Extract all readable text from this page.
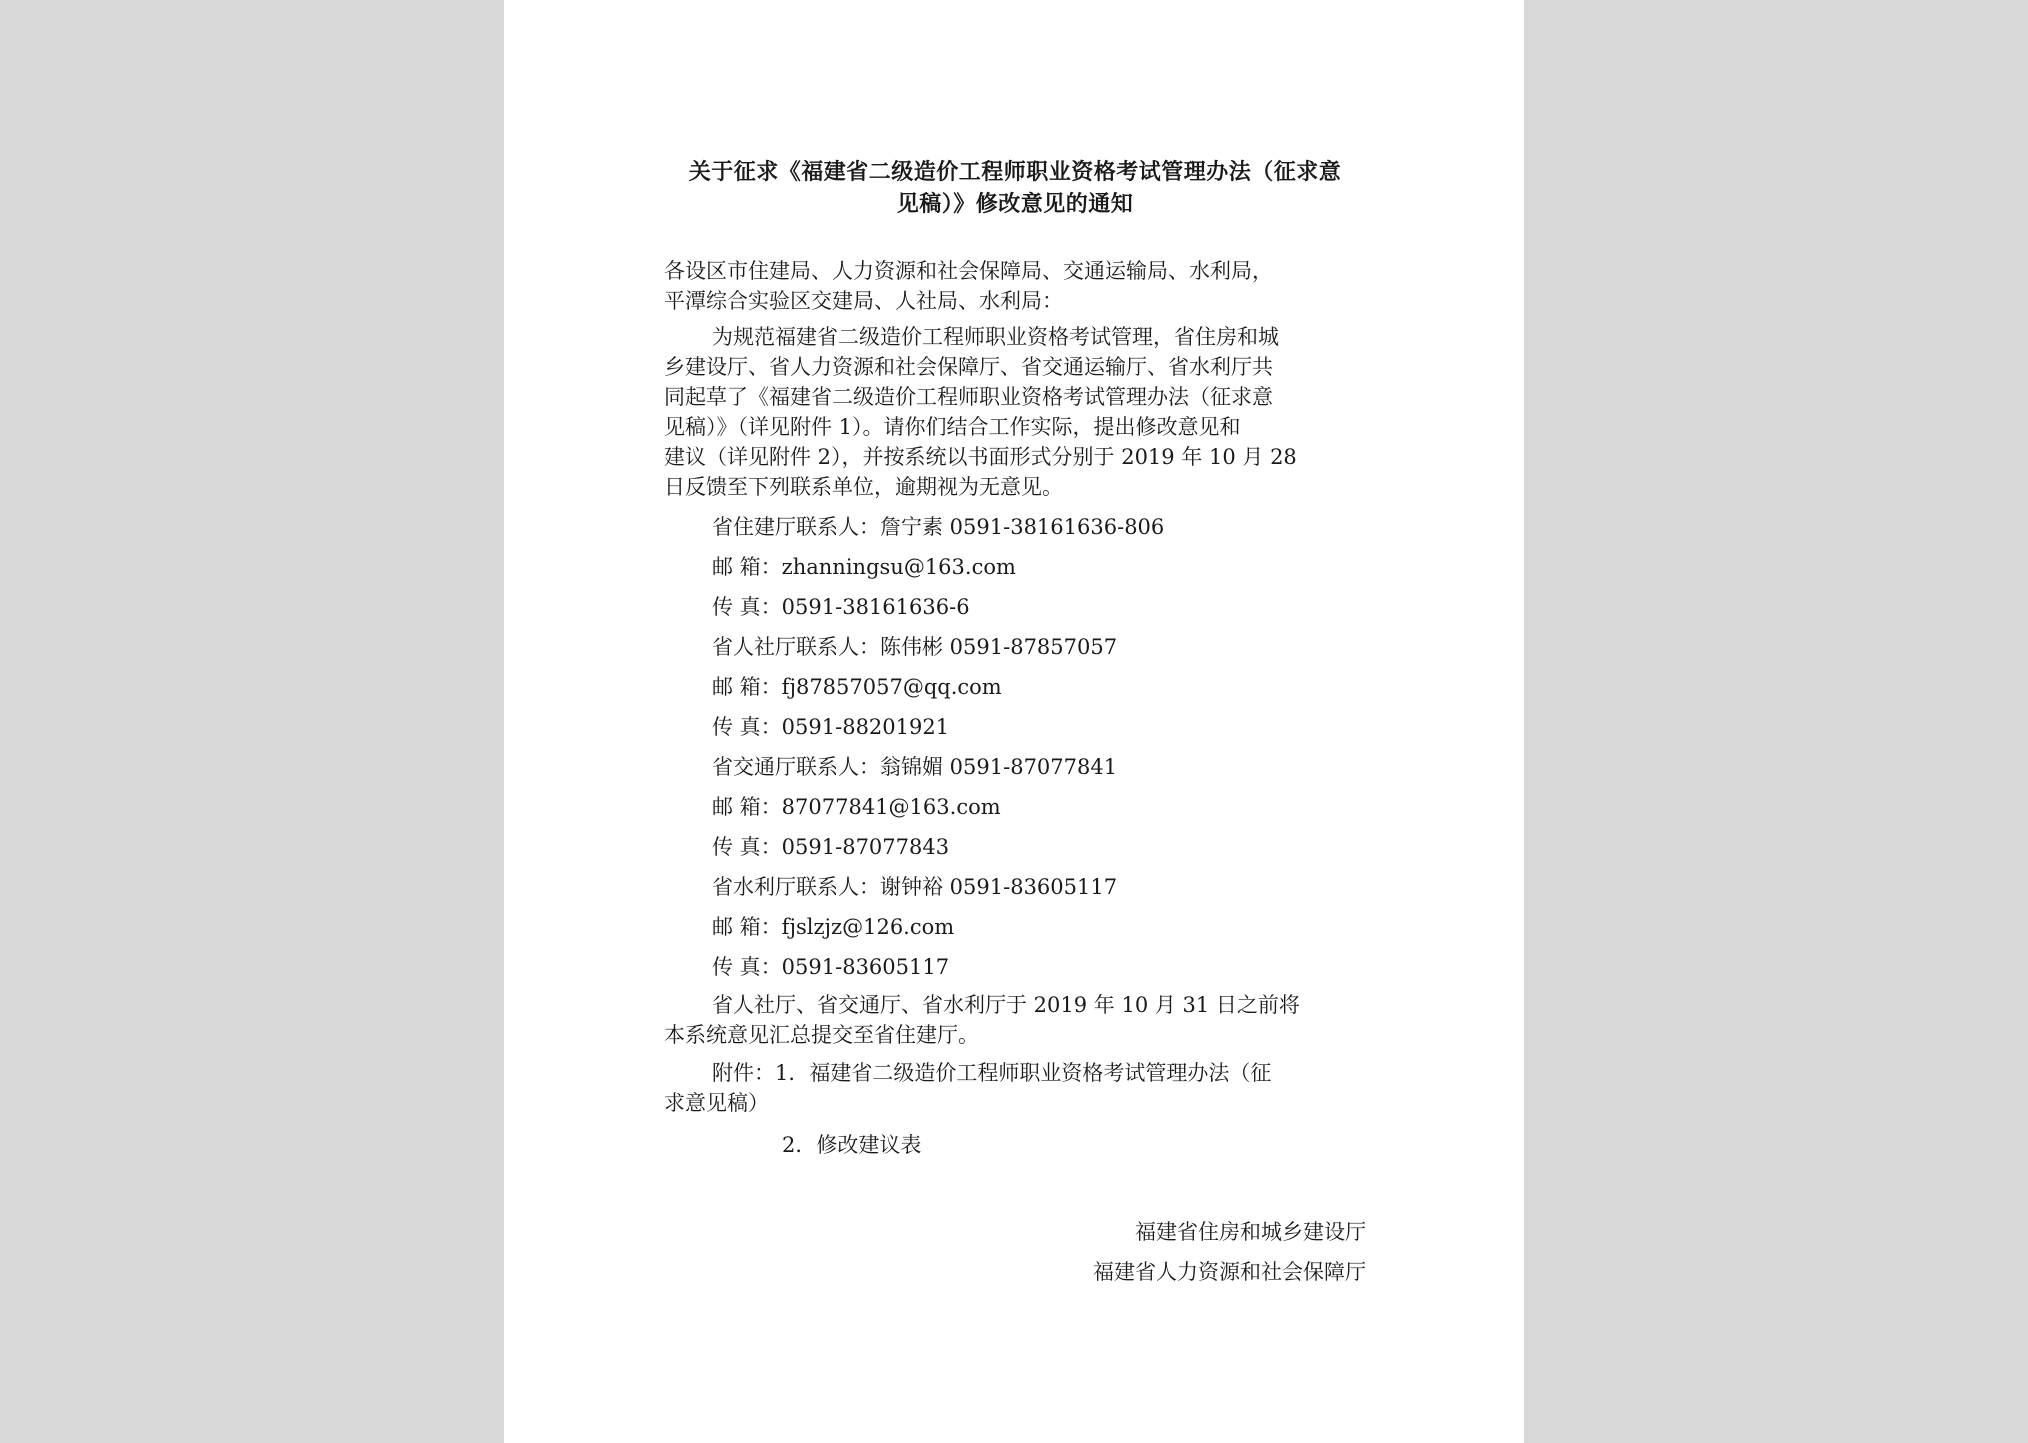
关于征求《福建省二级造价工程师职业资格考试管理办法（征求意
见稿）》修改意见的通知

各设区市住建局、人力资源和社会保障局、交通运输局、水利局，
平潭综合实验区交建局、人社局、水利局：

为规范福建省二级造价工程师职业资格考试管理，省住房和城
乡建设厅、省人力资源和社会保障厅、省交通运输厅、省水利厅共
同起草了《福建省二级造价工程师职业资格考试管理办法（征求意
见稿）》（详见附件 1）。请你们结合工作实际，提出修改意见和
建议（详见附件 2），并按系统以书面形式分别于 2019 年 10 月 28
日反馈至下列联系单位，逾期视为无意见。

省住建厅联系人：詹宁素 0591-38161636-806
邮 箱：zhanningsu@163.com
传 真：0591-38161636-6
省人社厅联系人：陈伟彬 0591-87857057
邮 箱：fj87857057@qq.com
传 真：0591-88201921
省交通厅联系人：翁锦媚 0591-87077841
邮 箱：87077841@163.com
传 真：0591-87077843
省水利厅联系人：谢钟裕 0591-83605117
邮 箱：fjslzjz@126.com
传 真：0591-83605117

省人社厅、省交通厅、省水利厅于 2019 年 10 月 31 日之前将
本系统意见汇总提交至省住建厅。

附件：1．福建省二级造价工程师职业资格考试管理办法（征
求意见稿）

2．修改建议表
福建省住房和城乡建设厅
福建省人力资源和社会保障厅
